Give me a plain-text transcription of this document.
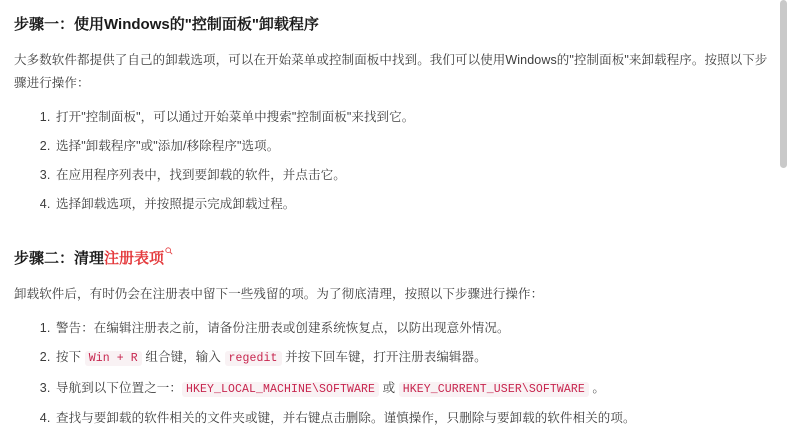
步骤一：使用Windows的"控制面板"卸载程序

大多数软件都提供了自己的卸载选项，可以在开始菜单或控制面板中找到。我们可以使用Windows的"控制面板"来卸载程序。按照以下步骤进行操作：

1. 打开"控制面板"，可以通过开始菜单中搜索"控制面板"来找到它。
2. 选择"卸载程序"或"添加/移除程序"选项。
3. 在应用程序列表中，找到要卸载的软件，并点击它。
4. 选择卸载选项，并按照提示完成卸载过程。
步骤二：清理注册表项

卸载软件后，有时仍会在注册表中留下一些残留的项。为了彻底清理，按照以下步骤进行操作：

1. 警告：在编辑注册表之前，请备份注册表或创建系统恢复点，以防出现意外情况。
2. 按下 Win + R 组合键，输入 regedit 并按下回车键，打开注册表编辑器。
3. 导航到以下位置之一： HKEY_LOCAL_MACHINE\SOFTWARE 或 HKEY_CURRENT_USER\SOFTWARE 。
4. 查找与要卸载的软件相关的文件夹或键，并右键点击删除。谨慎操作，只删除与要卸载的软件相关的项。
